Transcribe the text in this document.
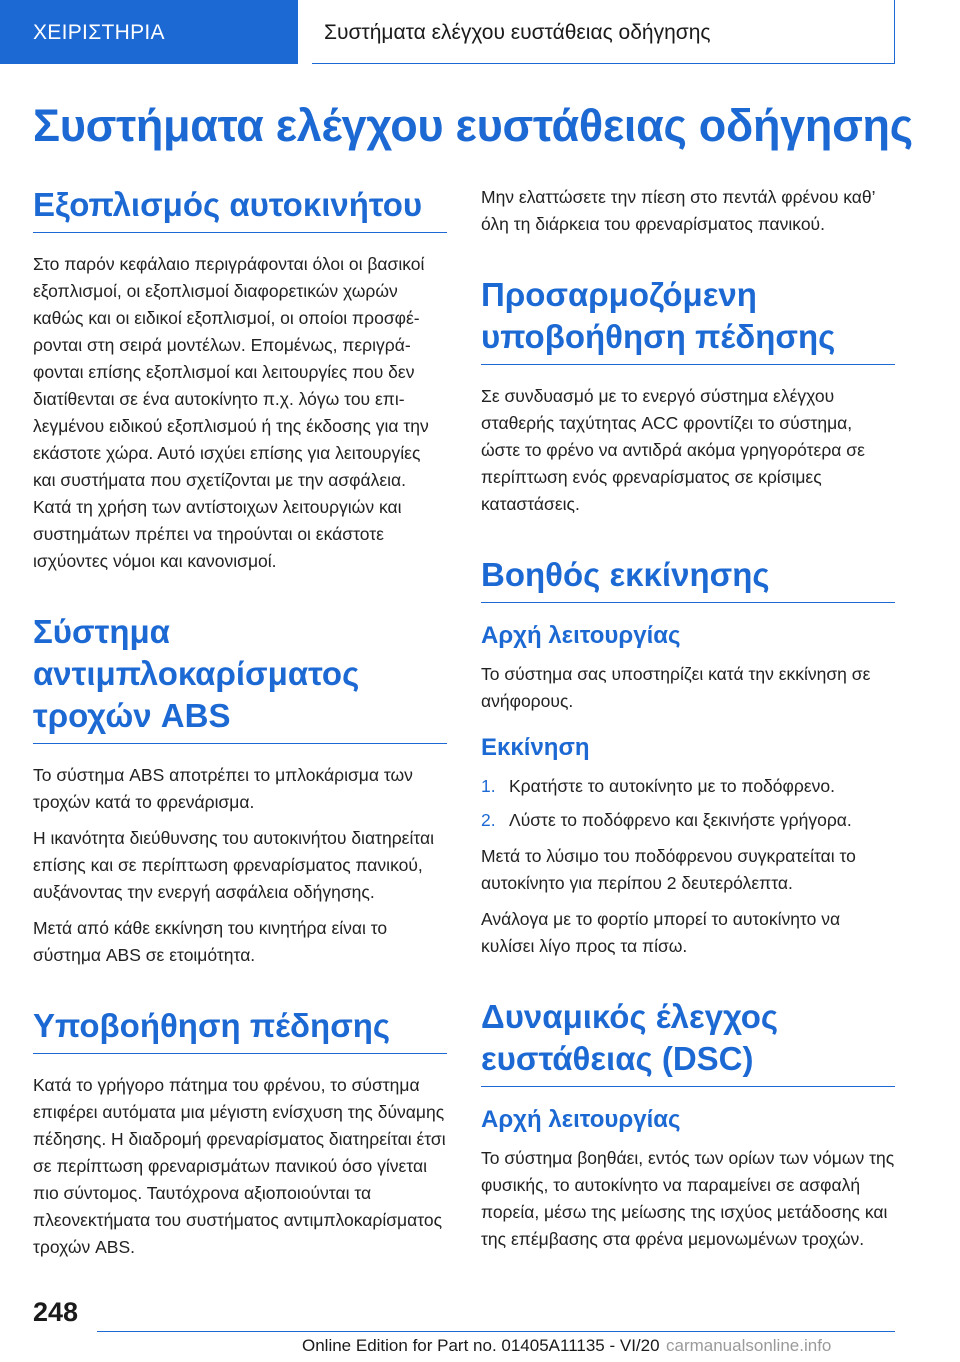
ΧΕΙΡΙΣΤΗΡΙΑ	Συστήματα ελέγχου ευστάθειας οδήγησης
Συστήματα ελέγχου ευστάθειας οδήγησης
Εξοπλισμός αυτοκινήτου

Στο παρόν κεφάλαιο περιγράφονται όλοι οι βασικοί εξοπλισμοί, οι εξοπλισμοί διαφορετικών χωρών καθώς και οι ειδικοί εξοπλισμοί, οι οποίοι προσφέρονται στη σειρά μοντέλων. Επομένως, περιγράφονται επίσης εξοπλισμοί και λειτουργίες που δεν διατίθενται σε ένα αυτοκίνητο π.χ. λόγω του επιλεγμένου ειδικού εξοπλισμού ή της έκδοσης για την εκάστοτε χώρα. Αυτό ισχύει επίσης για λειτουργίες και συστήματα που σχετίζονται με την ασφάλεια. Κατά τη χρήση των αντίστοιχων λειτουργιών και συστημάτων πρέπει να τηρούνται οι εκάστοτε ισχύοντες νόμοι και κανονισμοί.

Σύστημα
αντιμπλοκαρίσματος
τροχών ABS

Το σύστημα ABS αποτρέπει το μπλοκάρισμα των τροχών κατά το φρενάρισμα.

Η ικανότητα διεύθυνσης του αυτοκινήτου διατηρείται επίσης και σε περίπτωση φρεναρίσματος πανικού, αυξάνοντας την ενεργή ασφάλεια οδήγησης.

Μετά από κάθε εκκίνηση του κινητήρα είναι το σύστημα ABS σε ετοιμότητα.

Υποβοήθηση πέδησης

Κατά το γρήγορο πάτημα του φρένου, το σύστημα επιφέρει αυτόματα μια μέγιστη ενίσχυση της δύναμης πέδησης. Η διαδρομή φρεναρίσματος διατηρείται έτσι σε περίπτωση φρεναρισμάτων πανικού όσο γίνεται πιο σύντομος. Ταυτόχρονα αξιοποιούνται τα πλεονεκτήματα του συστήματος αντιμπλοκαρίσματος τροχών ABS.

Μην ελαττώσετε την πίεση στο πεντάλ φρένου καθ’ όλη τη διάρκεια του φρεναρίσματος πανικού.

Προσαρμοζόμενη
υποβοήθηση πέδησης

Σε συνδυασμό με το ενεργό σύστημα ελέγχου σταθερής ταχύτητας ACC φροντίζει το σύστημα, ώστε το φρένο να αντιδρά ακόμα γρηγορότερα σε περίπτωση ενός φρεναρίσματος σε κρίσιμες καταστάσεις.

Βοηθός εκκίνησης
Αρχή λειτουργίας

Το σύστημα σας υποστηρίζει κατά την εκκίνηση σε ανήφορους.

Εκκίνηση
1. Κρατήστε το αυτοκίνητο με το ποδόφρενο.
2. Λύστε το ποδόφρενο και ξεκινήστε γρήγορα.

Μετά το λύσιμο του ποδόφρενου συγκρατείται το αυτοκίνητο για περίπου 2 δευτερόλεπτα.

Ανάλογα με το φορτίο μπορεί το αυτοκίνητο να κυλίσει λίγο προς τα πίσω.

Δυναμικός έλεγχος
ευστάθειας (DSC)
Αρχή λειτουργίας

Το σύστημα βοηθάει, εντός των ορίων των νόμων της φυσικής, το αυτοκίνητο να παραμείνει σε ασφαλή πορεία, μέσω της μείωσης της ισχύος μετάδοσης και της επέμβασης στα φρένα μεμονωμένων τροχών.

248
Online Edition for Part no. 01405A11135 - VI/20 carmanualsonline.info
